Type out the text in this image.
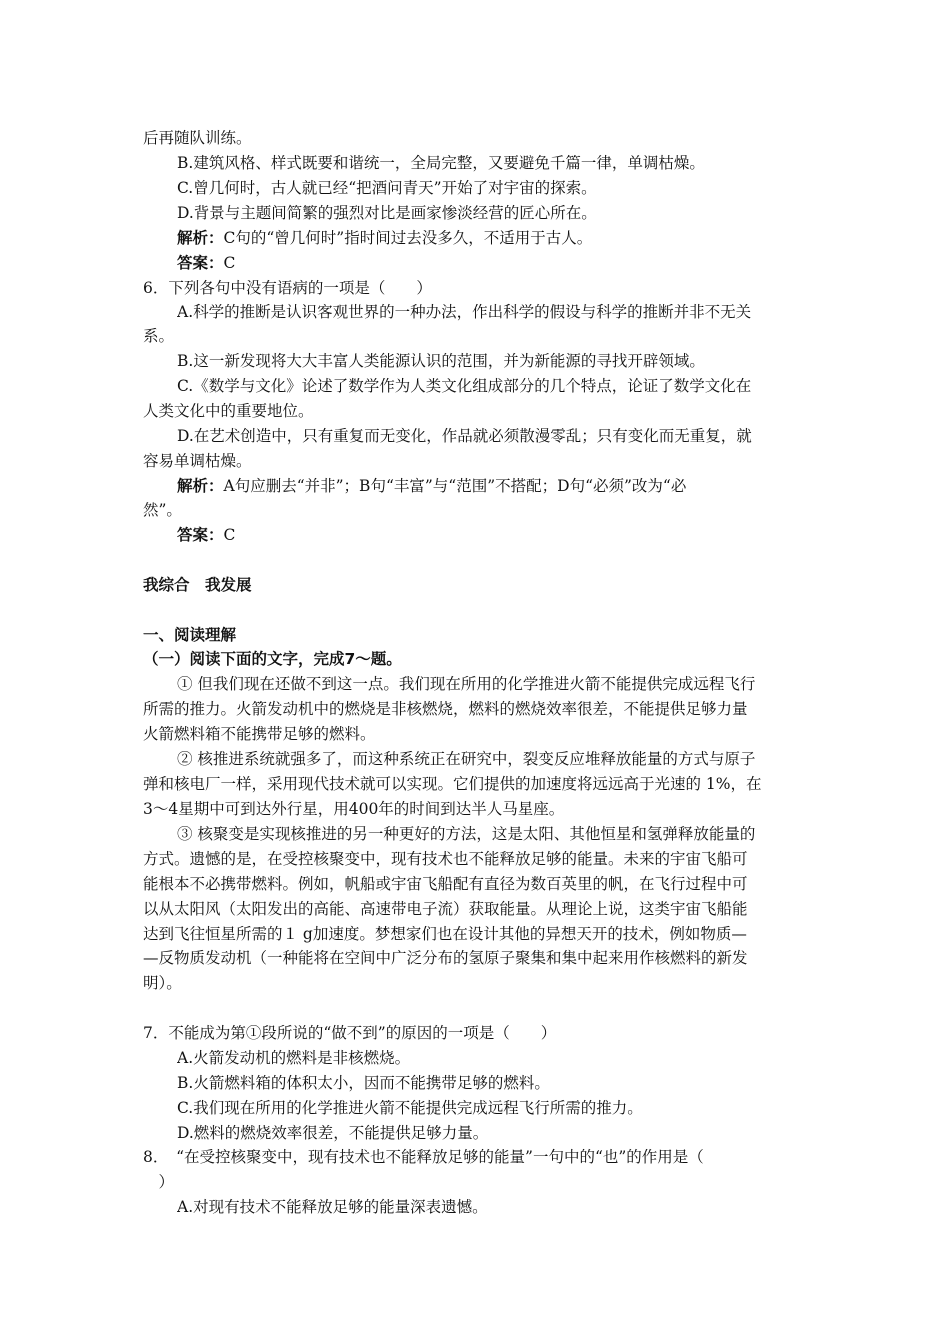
后再随队训练。
B.建筑风格、样式既要和谐统一，全局完整，又要避免千篇一律，单调枯燥。
C.曾几何时，古人就已经“把酒问青天”开始了对宇宙的探索。
D.背景与主题间简繁的强烈对比是画家惨淡经营的匠心所在。
解析：C句的“曾几何时”指时间过去没多久，不适用于古人。
答案：C
6．下列各句中没有语病的一项是（　　）
A.科学的推断是认识客观世界的一种办法，作出科学的假设与科学的推断并非不无关
系。
B.这一新发现将大大丰富人类能源认识的范围，并为新能源的寻找开辟领域。
C.《数学与文化》论述了数学作为人类文化组成部分的几个特点，论证了数学文化在
人类文化中的重要地位。
D.在艺术创造中，只有重复而无变化，作品就必须散漫零乱；只有变化而无重复，就
容易单调枯燥。
解析：A句应删去“并非”；B句“丰富”与“范围”不搭配；D句“必须”改为“必
然”。
答案：C
我综合　我发展
一、阅读理解
（一）阅读下面的文字，完成7～题。
① 但我们现在还做不到这一点。我们现在所用的化学推进火箭不能提供完成远程飞行
所需的推力。火箭发动机中的燃烧是非核燃烧，燃料的燃烧效率很差，不能提供足够力量
火箭燃料箱不能携带足够的燃料。
② 核推进系统就强多了，而这种系统正在研究中，裂变反应堆释放能量的方式与原子
弹和核电厂一样，采用现代技术就可以实现。它们提供的加速度将远远高于光速的 1%，在
3～4星期中可到达外行星，用400年的时间到达半人马星座。
③ 核聚变是实现核推进的另一种更好的方法，这是太阳、其他恒星和氢弹释放能量的
方式。遗憾的是，在受控核聚变中，现有技术也不能释放足够的能量。未来的宇宙飞船可
能根本不必携带燃料。例如，帆船或宇宙飞船配有直径为数百英里的帆，在飞行过程中可
以从太阳风（太阳发出的高能、高速带电子流）获取能量。从理论上说，这类宇宙飞船能
达到飞往恒星所需的１ g加速度。梦想家们也在设计其他的异想天开的技术，例如物质—
—反物质发动机（一种能将在空间中广泛分布的氢原子聚集和集中起来用作核燃料的新发
明）。
7．不能成为第①段所说的“做不到”的原因的一项是（　　）
A.火箭发动机的燃料是非核燃烧。
B.火箭燃料箱的体积太小，因而不能携带足够的燃料。
C.我们现在所用的化学推进火箭不能提供完成远程飞行所需的推力。
D.燃料的燃烧效率很差，不能提供足够力量。
8．　“在受控核聚变中，现有技术也不能释放足够的能量”一句中的“也”的作用是（
　）
A.对现有技术不能释放足够的能量深表遗憾。
